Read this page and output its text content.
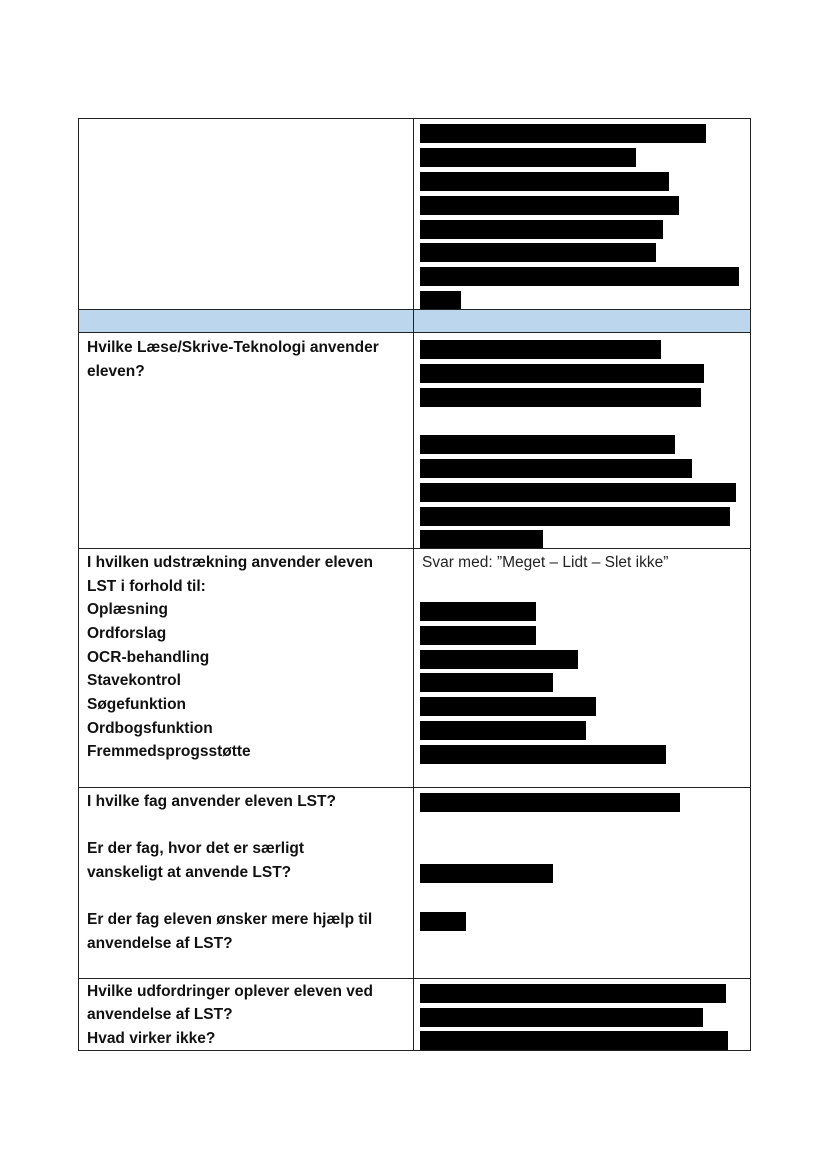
Hvilke Læse/Skrive-Teknologi anvender
eleven?
I hvilken udstrækning anvender eleven
LST i forhold til:
Oplæsning
Ordforslag
OCR-behandling
Stavekontrol
Søgefunktion
Ordbogsfunktion
Fremmedsprogsstøtte
Svar med: ”Meget – Lidt – Slet ikke”
I hvilke fag anvender eleven LST?
Er der fag, hvor det er særligt
vanskeligt at anvende LST?
Er der fag eleven ønsker mere hjælp til
anvendelse af LST?
Hvilke udfordringer oplever eleven ved
anvendelse af LST?
Hvad virker ikke?
